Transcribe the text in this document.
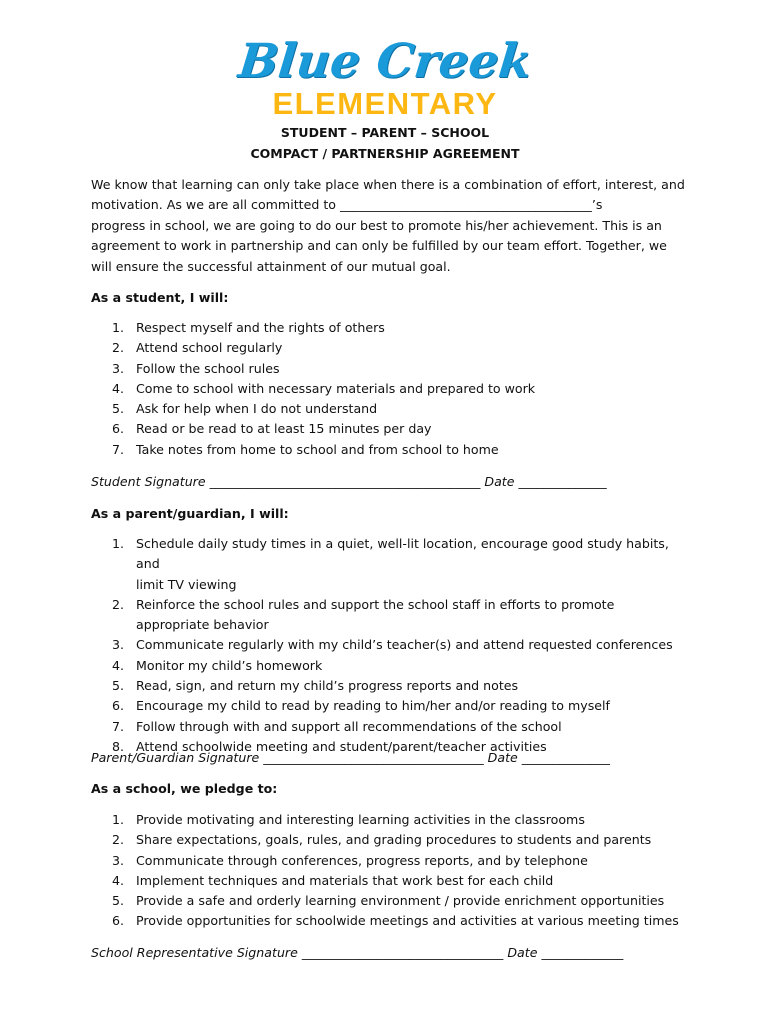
Blue Creek
ELEMENTARY
STUDENT – PARENT – SCHOOL
COMPACT / PARTNERSHIP AGREEMENT
We know that learning can only take place when there is a combination of effort, interest, and
motivation. As we are all committed to ________________________________________’s
progress in school, we are going to do our best to promote his/her achievement. This is an
agreement to work in partnership and can only be fulfilled by our team effort. Together, we
will ensure the successful attainment of our mutual goal.
As a student, I will:
1. Respect myself and the rights of others
2. Attend school regularly
3. Follow the school rules
4. Come to school with necessary materials and prepared to work
5. Ask for help when I do not understand
6. Read or be read to at least 15 minutes per day
7. Take notes from home to school and from school to home
Student Signature ___________________________________________ Date ______________
As a parent/guardian, I will:
1. Schedule daily study times in a quiet, well-lit location, encourage good study habits, and
limit TV viewing
2. Reinforce the school rules and support the school staff in efforts to promote
appropriate behavior
3. Communicate regularly with my child’s teacher(s) and attend requested conferences
4. Monitor my child’s homework
5. Read, sign, and return my child’s progress reports and notes
6. Encourage my child to read by reading to him/her and/or reading to myself
7. Follow through with and support all recommendations of the school
8. Attend schoolwide meeting and student/parent/teacher activities
Parent/Guardian Signature ___________________________________ Date ______________
As a school, we pledge to:
1. Provide motivating and interesting learning activities in the classrooms
2. Share expectations, goals, rules, and grading procedures to students and parents
3. Communicate through conferences, progress reports, and by telephone
4. Implement techniques and materials that work best for each child
5. Provide a safe and orderly learning environment / provide enrichment opportunities
6. Provide opportunities for schoolwide meetings and activities at various meeting times
School Representative Signature ________________________________ Date _____________
